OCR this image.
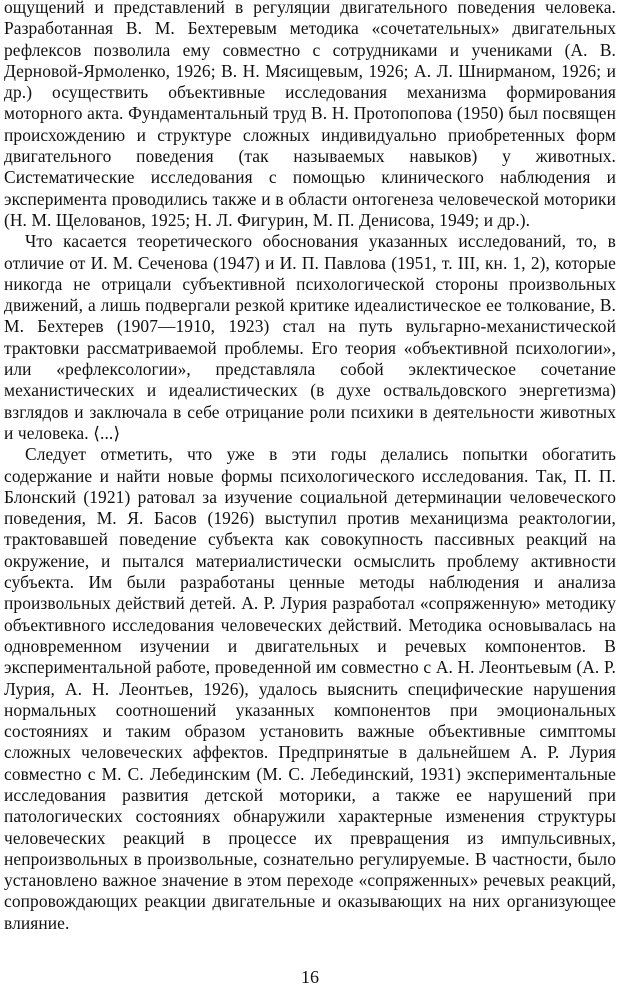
ощущений и представлений в регуляции двигательного поведения человека. Разработанная В. М. Бехтеревым методика «сочетательных» двигательных рефлексов позволила ему совместно с сотрудниками и учениками (А. В. Дерновой-Ярмоленко, 1926; В. Н. Мясищевым, 1926; А. Л. Шнирманом, 1926; и др.) осуществить объективные исследования механизма формирования моторного акта. Фундаментальный труд В. Н. Протопопова (1950) был посвящен происхождению и структуре сложных индивидуально приобретенных форм двигательного поведения (так называемых навыков) у животных. Систематические исследования с помощью клинического наблюдения и эксперимента проводились также и в области онтогенеза человеческой моторики (Н. М. Щелованов, 1925; Н. Л. Фигурин, М. П. Денисова, 1949; и др.).

Что касается теоретического обоснования указанных исследований, то, в отличие от И. М. Сеченова (1947) и И. П. Павлова (1951, т. III, кн. 1, 2), которые никогда не отрицали субъективной психологической стороны произвольных движений, а лишь подвергали резкой критике идеалистическое ее толкование, В. М. Бехтерев (1907—1910, 1923) стал на путь вульгарно-механистической трактовки рассматриваемой проблемы. Его теория «объективной психологии», или «рефлексологии», представляла собой эклектическое сочетание механистических и идеалистических (в духе оствальдовского энергетизма) взглядов и заключала в себе отрицание роли психики в деятельности животных и человека. ⟨...⟩

Следует отметить, что уже в эти годы делались попытки обогатить содержание и найти новые формы психологического исследования. Так, П. П. Блонский (1921) ратовал за изучение социальной детерминации человеческого поведения, М. Я. Басов (1926) выступил против механицизма реактологии, трактовавшей поведение субъекта как совокупность пассивных реакций на окружение, и пытался материалистически осмыслить проблему активности субъекта. Им были разработаны ценные методы наблюдения и анализа произвольных действий детей. А. Р. Лурия разработал «сопряженную» методику объективного исследования человеческих действий. Методика основывалась на одновременном изучении и двигательных и речевых компонентов. В экспериментальной работе, проведенной им совместно с А. Н. Леонтьевым (А. Р. Лурия, А. Н. Леонтьев, 1926), удалось выяснить специфические нарушения нормальных соотношений указанных компонентов при эмоциональных состояниях и таким образом установить важные объективные симптомы сложных человеческих аффектов. Предпринятые в дальнейшем А. Р. Лурия совместно с М. С. Лебединским (М. С. Лебединский, 1931) экспериментальные исследования развития детской моторики, а также ее нарушений при патологических состояниях обнаружили характерные изменения структуры человеческих реакций в процессе их превращения из импульсивных, непроизвольных в произвольные, сознательно регулируемые. В частности, было установлено важное значение в этом переходе «сопряженных» речевых реакций, сопровождающих реакции двигательные и оказывающих на них организующее влияние.

16
